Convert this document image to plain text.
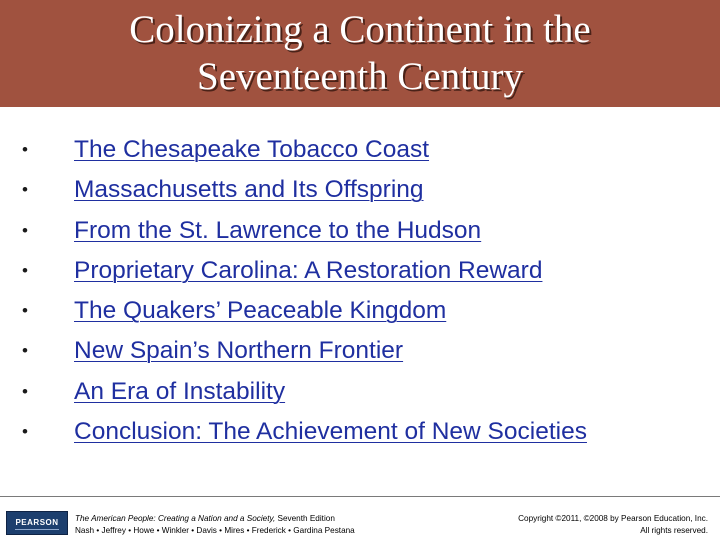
Colonizing a Continent in the
Seventeenth Century
•	The Chesapeake Tobacco Coast
•	Massachusetts and Its Offspring
•	From the St. Lawrence to the Hudson
•	Proprietary Carolina: A Restoration Reward
•	The Quakers’ Peaceable Kingdom
•	New Spain’s Northern Frontier
•	An Era of Instability
•	Conclusion: The Achievement of New Societies
PEARSON	The American People: Creating a Nation and a Society, Seventh Edition
Nash • Jeffrey • Howe • Winkler • Davis • Mires • Frederick • Gardina Pestana
Copyright ©2011, ©2008 by Pearson Education, Inc.
All rights reserved.
